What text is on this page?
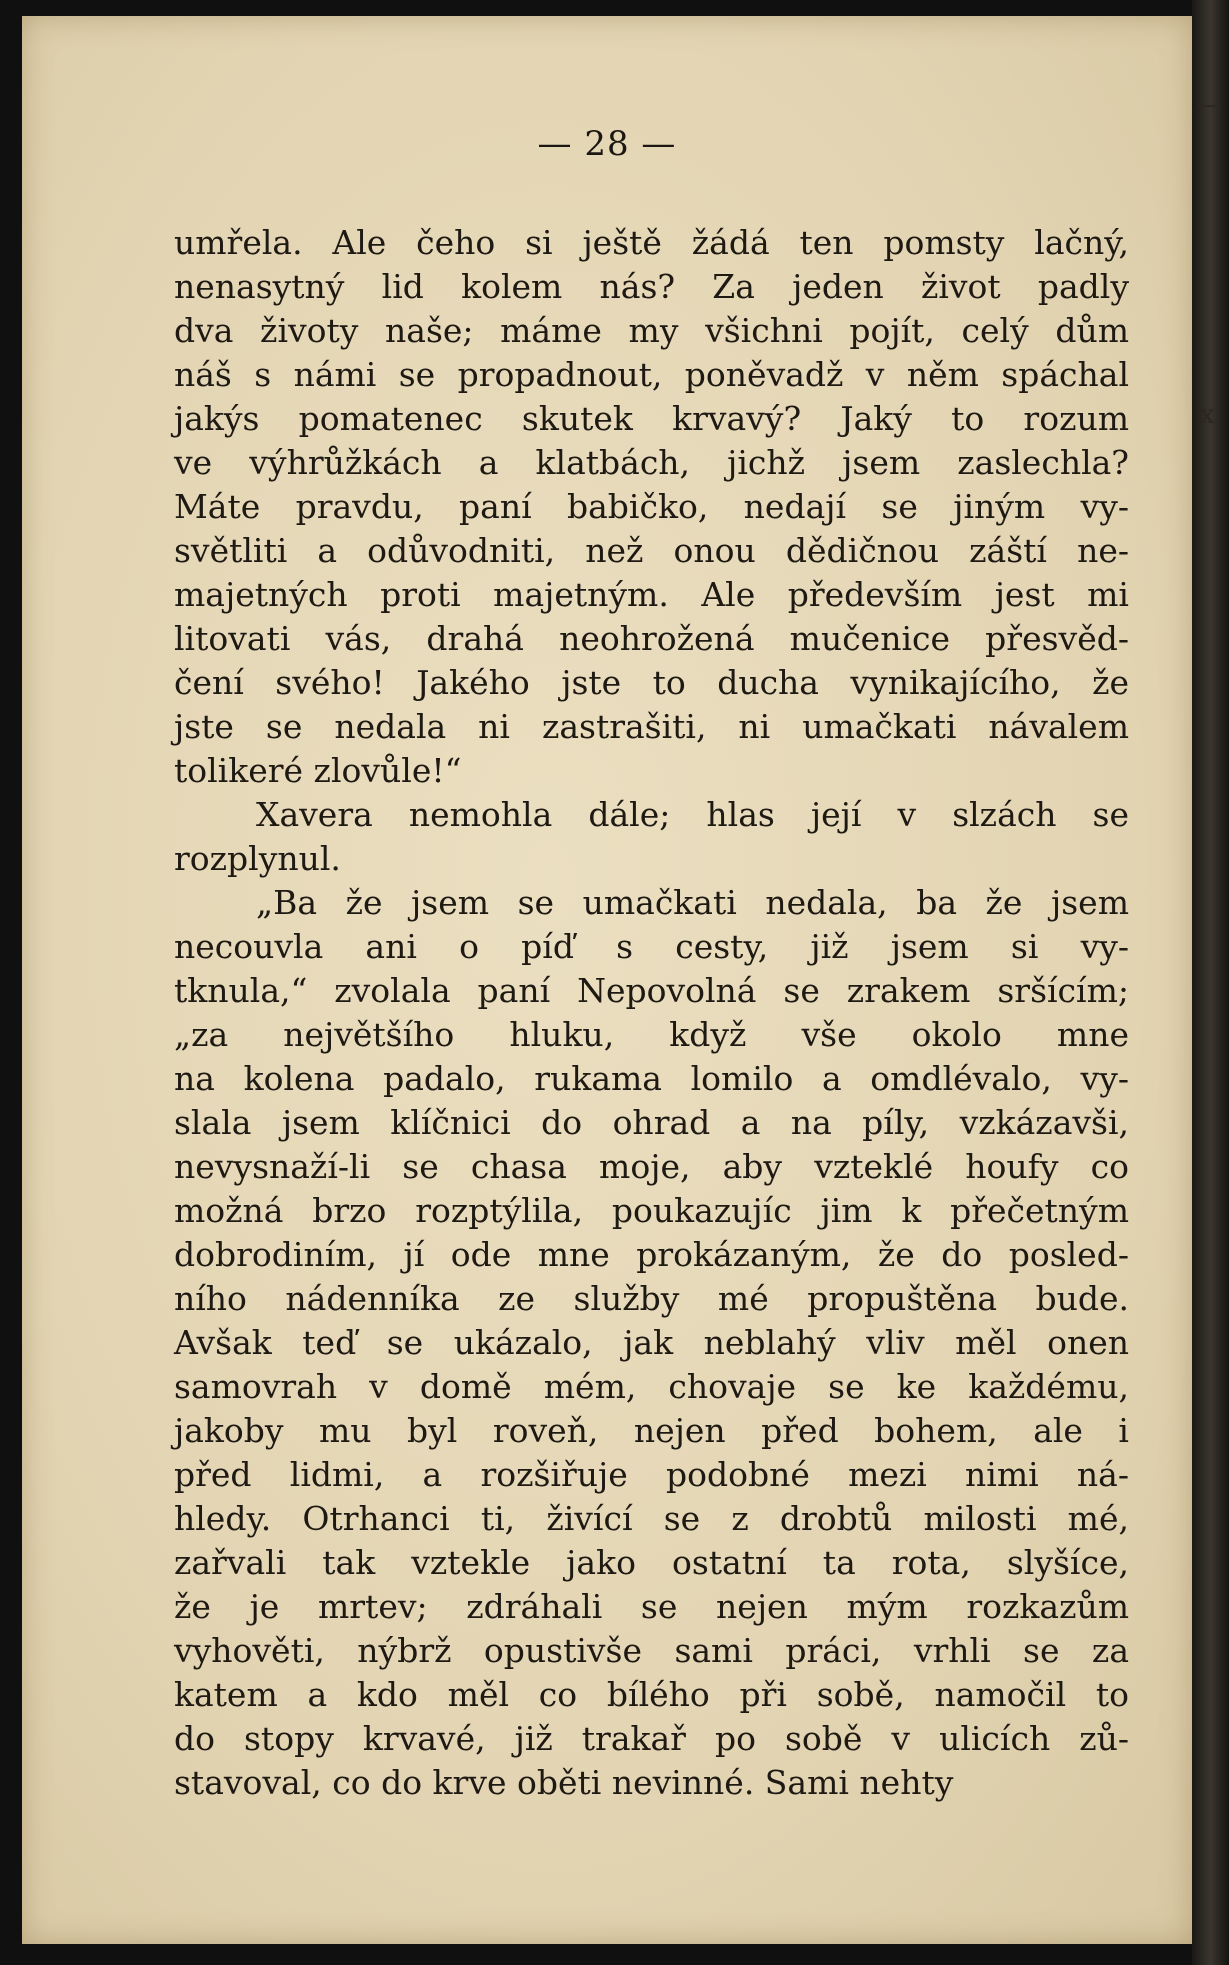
— 28 —
umřela. Ale čeho si ještě žádá ten pomsty lačný,
nenasytný lid kolem nás? Za jeden život padly
dva životy naše; máme my všichni pojít, celý dům
náš s námi se propadnout, poněvadž v něm spáchal
jakýs pomatenec skutek krvavý? Jaký to rozum
ve výhrůžkách a klatbách, jichž jsem zaslechla?
Máte pravdu, paní babičko, nedají se jiným vy-
světliti a odůvodniti, než onou dědičnou záští ne-
majetných proti majetným. Ale především jest mi
litovati vás, drahá neohrožená mučenice přesvěd-
čení svého! Jakého jste to ducha vynikajícího, že
jste se nedala ni zastrašiti, ni umačkati návalem
tolikeré zlovůle!“
Xavera nemohla dále; hlas její v slzách se
rozplynul.
„Ba že jsem se umačkati nedala, ba že jsem
necouvla ani o píď s cesty, již jsem si vy-
tknula,“ zvolala paní Nepovolná se zrakem sršícím;
„za největšího hluku, když vše okolo mne
na kolena padalo, rukama lomilo a omdlévalo, vy-
slala jsem klíčnici do ohrad a na píly, vzkázavši,
nevysnaží-li se chasa moje, aby vzteklé houfy co
možná brzo rozptýlila, poukazujíc jim k přečetným
dobrodiním, jí ode mne prokázaným, že do posled-
ního nádenníka ze služby mé propuštěna bude.
Avšak teď se ukázalo, jak neblahý vliv měl onen
samovrah v domě mém, chovaje se ke každému,
jakoby mu byl roveň, nejen před bohem, ale i
před lidmi, a rozšiřuje podobné mezi nimi ná-
hledy. Otrhanci ti, živící se z drobtů milosti mé,
zařvali tak vztekle jako ostatní ta rota, slyšíce,
že je mrtev; zdráhali se nejen mým rozkazům
vyhověti, nýbrž opustivše sami práci, vrhli se za
katem a kdo měl co bílého při sobě, namočil to
do stopy krvavé, již trakař po sobě v ulicích zů-
stavoval, co do krve oběti nevinné. Sami nehty
—
x
